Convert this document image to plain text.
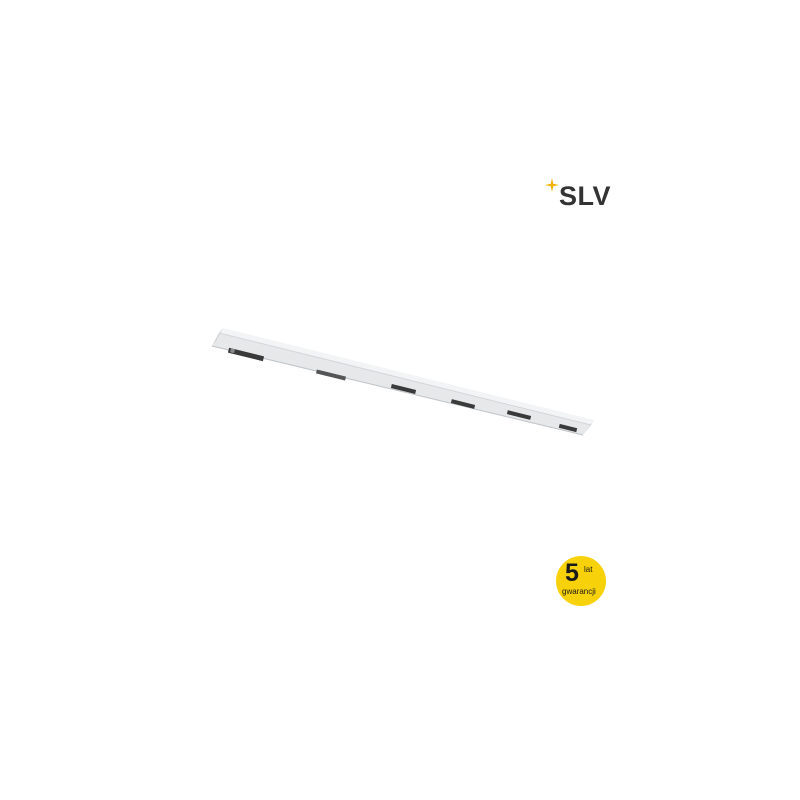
SLV
5 lat
gwarancji
